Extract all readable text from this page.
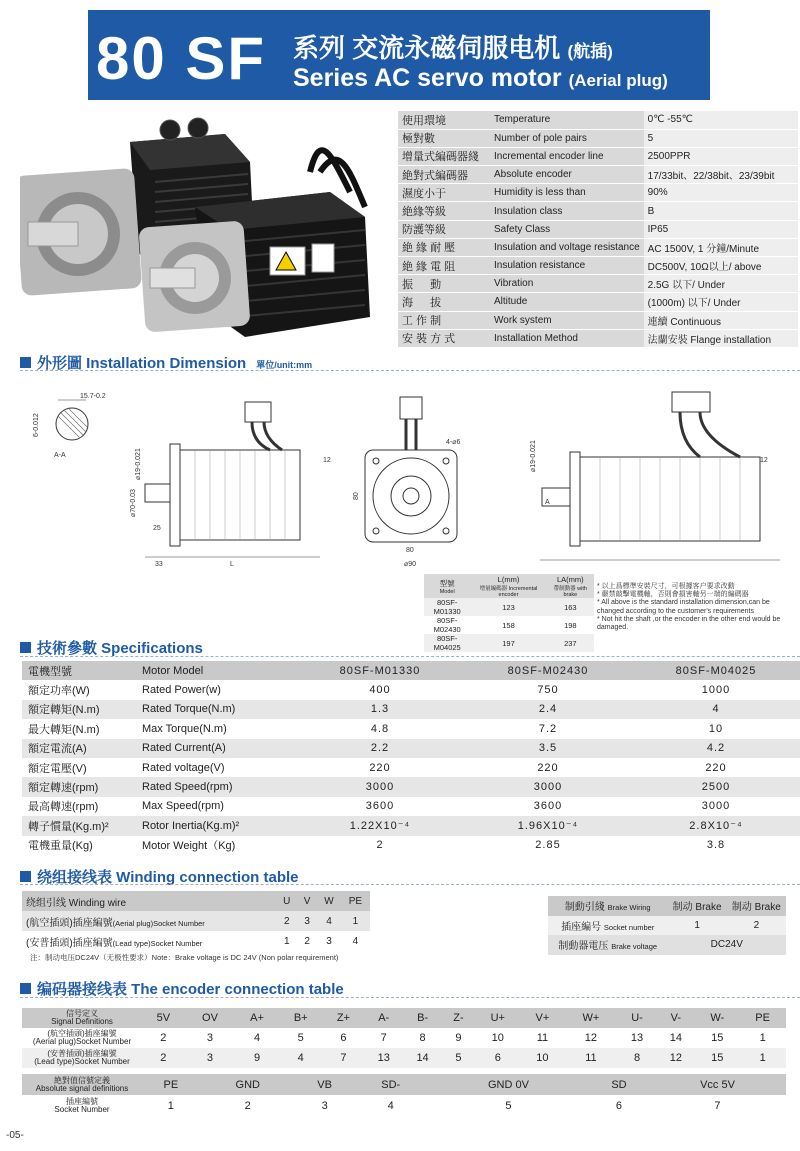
80 SF 系列 交流永磁伺服电机 (航插)
Series AC servo motor (Aerial plug)
使用環境	Temperature	0℃ -55℃
極對數	Number of pole pairs	5
增量式編碼器綫	Incremental encoder line	2500PPR
絶對式編碼器	Absolute encoder	17/33bit、22/38bit、23/39bit
濕度小于	Humidity is less than	90%
絶緣等級	Insulation class	B
防護等級	Safety Class	IP65
絶 緣 耐 壓	Insulation and voltage resistance	AC 1500V, 1 分鐘/Minute
絶 緣 電 阻	Insulation resistance	DC500V, 10Ω以上/ above
振 　 動	Vibration	2.5G 以下/ Under
海 　 拔	Altitude	(1000m) 以下/ Under
工 作 制	Work system	連續 Continuous
安 裝 方 式	Installation Method	法蘭安裝 Flange installation
外形圖 Installation Dimension 單位/unit:mm
15.7-0.2
6-0.012
A-A
33	L
25
⌀19-0.021
⌀70-0.03
12
4-⌀6
80
80
⌀90
A
⌀19-0.021	12
型號
Model	L(mm)
增量編碼器 Incremental encoder	LA(mm)
帶制動器 with brake

80SF-M01330	123	163
80SF-M02430	158	198
80SF-M04025	197	237
* 以上爲標準安裝尺寸，可根據客户要求改動
* 嚴禁敲擊電機軸，否則會損害軸另一端的編碼器
* All above is the standard installation dimension,can be changed according to the customer's requirements
* Not hit the shaft ,or the encoder in the other end would be damaged.
技術參數 Specifications
電機型號	Motor Model	80SF-M01330	80SF-M02430	80SF-M04025
額定功率(W)	Rated Power(w)	400	750	1000
額定轉矩(N.m)	Rated Torque(N.m)	1.3	2.4	4
最大轉矩(N.m)	Max Torque(N.m)	4.8	7.2	10
額定電流(A)	Rated Current(A)	2.2	3.5	4.2
額定電壓(V)	Rated voltage(V)	220	220	220
額定轉速(rpm)	Rated Speed(rpm)	3000	3000	2500
最高轉速(rpm)	Max Speed(rpm)	3600	3600	3000
轉子慣量(Kg.m)²	Rotor Inertia(Kg.m)²	1.22X10⁻⁴	1.96X10⁻⁴	2.8X10⁻⁴
電機重量(Kg)	Motor Weight（Kg)	2	2.85	3.8
绕组接线表 Winding connection table
绕组引线 Winding wire	U	V	W	PE
(航空插頭)插座編號(Aerial plug)Socket Number	2	3	4	1
(安普插頭)插座編號(Lead type)Socket Number	1	2	3	4
注：制动电压DC24V（无极性要求）Note：Brake voltage is DC 24V (Non polar requirement)
制動引綫 Brake Wiring	制动 Brake	制动 Brake
插座編号 Socket number	1	2
制動器電压 Brake voltage	DC24V	
编码器接线表 The encoder connection table
信号定义
Signal Definitions	5V	OV	A+	B+	Z+	A-	B-	Z-	U+	V+	W+	U-	V-	W-	PE

(航空插頭)插座編號
(Aerial plug)Socket Number	2	3	4	5	6	7	8	9	10	11	12	13	14	15	1

(安普插頭)插座編號
(Lead type)Socket Number	2	3	9	4	7	13	14	5	6	10	11	8	12	15	1
絶對值信號定義
Absolute signal definitions	PE	GND	VB	SD-	GND 0V	SD	Vcc 5V

插座編號
Socket Number	1	2	3	4	5	6	7
-05-
